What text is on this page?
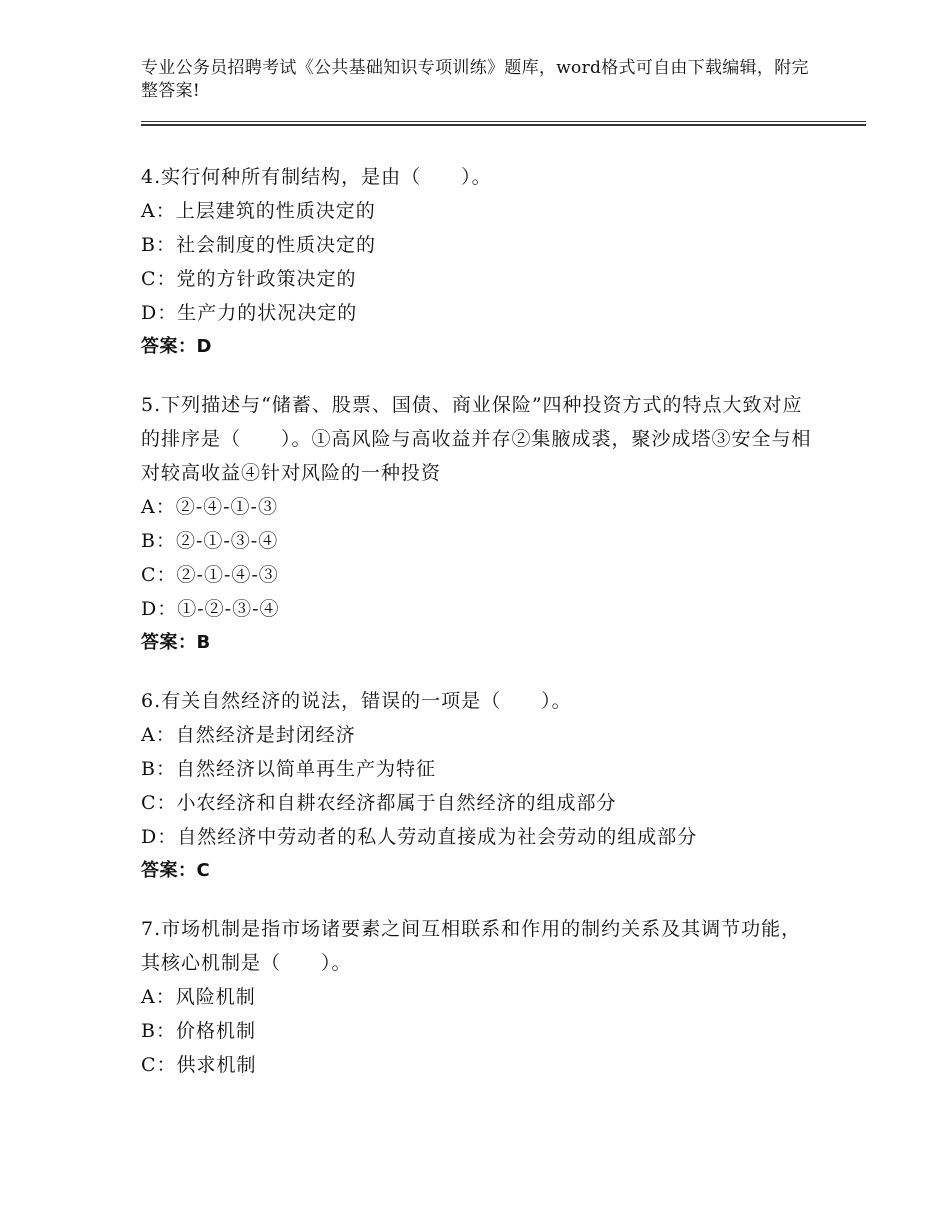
专业公务员招聘考试《公共基础知识专项训练》题库，word格式可自由下载编辑，附完整答案!
4.实行何种所有制结构，是由（　　）。
A：上层建筑的性质决定的
B：社会制度的性质决定的
C：党的方针政策决定的
D：生产力的状况决定的
答案：D
5.下列描述与“储蓄、股票、国债、商业保险”四种投资方式的特点大致对应的排序是（　　）。①高风险与高收益并存②集腋成裘，聚沙成塔③安全与相对较高收益④针对风险的一种投资
A：②-④-①-③
B：②-①-③-④
C：②-①-④-③
D：①-②-③-④
答案：B
6.有关自然经济的说法，错误的一项是（　　）。
A：自然经济是封闭经济
B：自然经济以简单再生产为特征
C：小农经济和自耕农经济都属于自然经济的组成部分
D：自然经济中劳动者的私人劳动直接成为社会劳动的组成部分
答案：C
7.市场机制是指市场诸要素之间互相联系和作用的制约关系及其调节功能，其核心机制是（　　）。
A：风险机制
B：价格机制
C：供求机制
